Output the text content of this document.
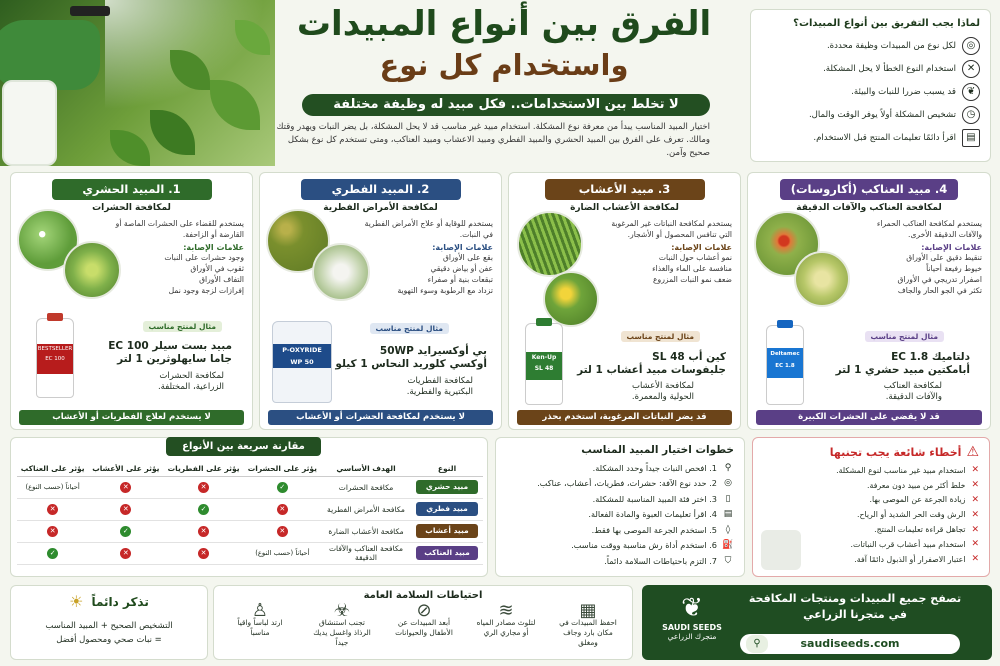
الفرق بين أنواع المبيدات
واستخدام كل نوع
لا تخلط بين الاستخدامات.. فكل مبيد له وظيفة مختلفة
اختيار المبيد المناسب يبدأ من معرفة نوع المشكلة. استخدام مبيد غير مناسب قد لا يحل المشكلة، بل يضر النبات ويهدر وقتك ومالك. تعرف على الفرق بين المبيد الحشري والمبيد الفطري ومبيد الاعشاب ومبيد العناكب، ومتى تستخدم كل نوع بشكل صحيح وآمن.
لماذا يجب التفريق بين أنواع المبيدات؟
◎
لكل نوع من المبيدات وظيفة محددة.
✕
استخدام النوع الخطأ لا يحل المشكلة.
❦
قد يسبب ضررا للنبات والبيئة.
◷
تشخيص المشكلة أولاً يوفر الوقت والمال.
▤
اقرأ دائمًا تعليمات المنتج قبل الاستخدام.
1. المبيد الحشري
لمكافحة الحشرات
يستخدم للقضاء على الحشرات الماصة أو القارضة أو الزاحفة.
علامات الإصابة:
وجود حشرات على النبات
ثقوب في الأوراق
التفاف الأوراق
إفرازات لزجة وجود نمل
مثال لمنتج مناسب
BESTSELLER
100 EC
مبيد بست سيلر 100 EC
جاما سايهلوثرين 1 لتر
لمكافحة الحشرات
الزراعية، المختلفة.
لا يستخدم لعلاج الفطريات أو الأعشاب
2. المبيد الفطري
لمكافحة الأمراض الفطرية
يستخدم للوقاية أو علاج الأمراض الفطرية في النبات.
علامات الإصابة:
بقع على الأوراق
عفن أو بياض دقيقي
تبقعات بنية أو صفراء
تزداد مع الرطوبة وسوء التهوية
مثال لمنتج مناسب
P-OXYRIDE
50 WP
بي أوكسيرايد 50WP
أوكسي كلوريد النحاس 1 كيلو
لمكافحة الفطريات
البكتيرية والفطرية.
لا يستخدم لمكافحة الحشرات أو الأعشاب
3. مبيد الأعشاب
لمكافحة الأعشاب الضارة
يستخدم لمكافحة النباتات غير المرغوبة التي تنافس المحصول أو الأشجار.
علامات الإصابة:
نمو أعشاب حول النبات
منافسة على الماء والغذاء
ضعف نمو النبات المزروع
مثال لمنتج مناسب
Ken-Up
48 SL
كين أب 48 SL
جليفوسات مبيد أعشاب 1 لتر
لمكافحة الأعشاب
الحولية والمعمرة.
قد يضر النباتات المرغوبة، استخدم بحذر
4. مبيد العناكب (أكاروسات)
لمكافحة العناكب والآفات الدقيقة
يستخدم لمكافحة العناكب الحمراء والآفات الدقيقة الأخرى.
علامات الإصابة:
تنقيط دقيق على الأوراق
خيوط رفيعة أحياناً
اصفرار تدريجي في الأوراق
تكثر في الجو الحار والجاف
مثال لمنتج مناسب
Deltamec
1.8 EC
دلتاميك 1.8 EC
أبامكتين مبيد حشري 1 لتر
لمكافحة العناكب
والآفات الدقيقة.
قد لا يقضي على الحشرات الكبيرة
مقارنة سريعة بين الأنواع
النوع	الهدف الأساسي	يؤثر على الحشرات	يؤثر على الفطريات	يؤثر على الأعشاب	يؤثر على العناكب
مبيد حشري	مكافحة الحشرات	✓	✕	✕	أحياناً (حسب النوع)
مبيد فطري	مكافحة الأمراض الفطرية	✕	✓	✕	✕
مبيد أعشاب	مكافحة الأعشاب الضارة	✕	✕	✓	✕
مبيد العناكب	مكافحة العناكب والآفات الدقيقة	أحياناً (حسب النوع)	✕	✕	✓
خطوات اختيار المبيد المناسب
⚲
1. افحص النبات جيداً وحدد المشكلة.
◎
2. حدد نوع الآفة: حشرات، فطريات، أعشاب، عناكب.
▯
3. اختر فئة المبيد المناسبة للمشكلة.
▤
4. اقرأ تعليمات العبوة والمادة الفعالة.
◊
5. استخدم الجرعة الموصى بها فقط.
⛽
6. استخدم أداة رش مناسبة ووقت مناسب.
⛉
7. التزم باحتياطات السلامة دائماً.
⚠
أخطاء شائعة يجب تجنبها
✕
استخدام مبيد غير مناسب لنوع المشكلة.
✕
خلط أكثر من مبيد دون معرفة.
✕
زيادة الجرعة عن الموصى بها.
✕
الرش وقت الحر الشديد أو الرياح.
✕
تجاهل قراءة تعليمات المنتج.
✕
استخدام مبيد أعشاب قرب النباتات.
✕
اعتبار الاصفرار أو الذبول دائمًا آفة.
❦
SAUDI SEEDS
متجرك الزراعي
تصفح جميع المبيدات ومنتجات المكافحة
في متجرنا الزراعي
saudiseeds.com
⚲
احتياطات السلامة العامة
▦
احفظ المبيدات في مكان بارد وجاف ومغلق
≋
لتلوث مصادر المياه أو مجاري الري
⊘
أبعد المبيدات عن الأطفال والحيوانات
☣
تجنب استنشاق الرذاذ واغسل يديك جيداً
♙
ارتد لباساً واقياً مناسباً
تذكر دائماً
☀
التشخيص الصحيح + المبيد المناسب
= نبات صحي ومحصول أفضل
